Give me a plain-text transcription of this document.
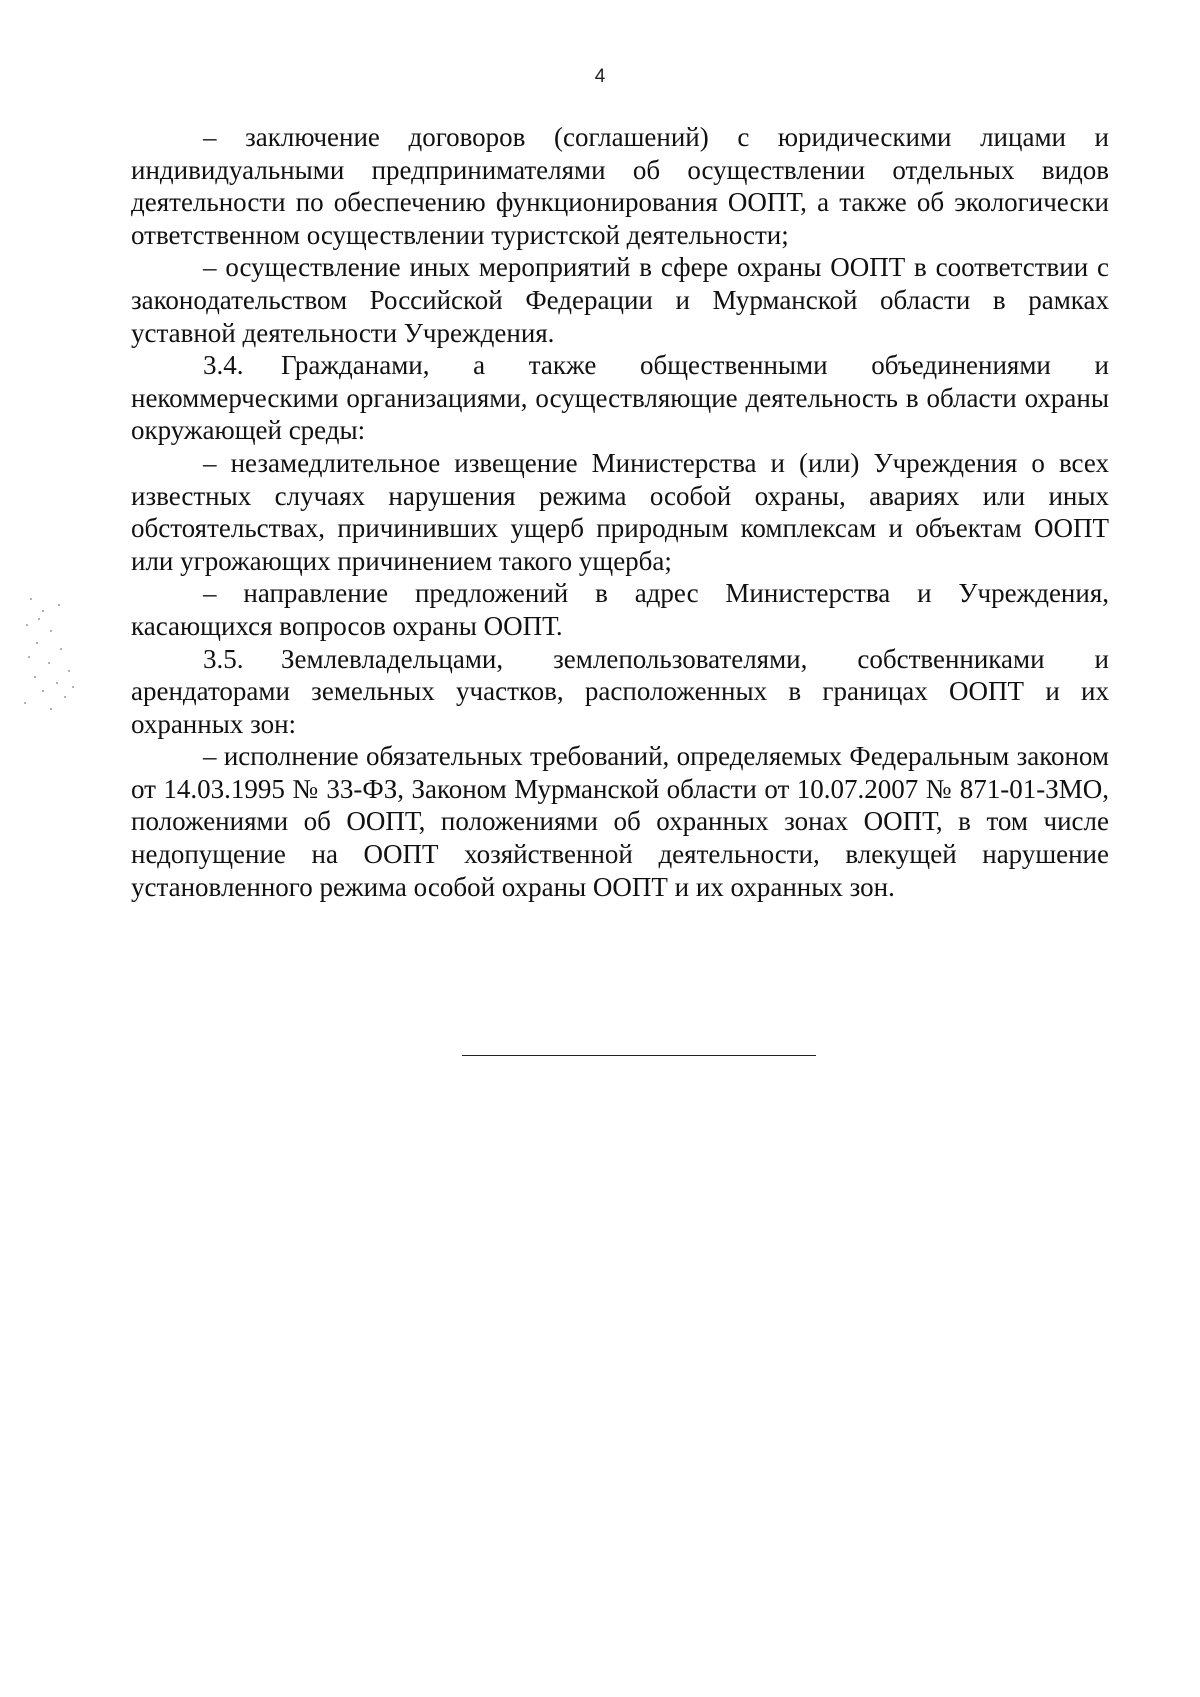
4

– заключение договоров (соглашений) с юридическими лицами и индивидуальными предпринимателями об осуществлении отдельных видов деятельности по обеспечению функционирования ООПТ, а также об экологически ответственном осуществлении туристской деятельности;

– осуществление иных мероприятий в сфере охраны ООПТ в соответствии с законодательством Российской Федерации и Мурманской области в рамках уставной деятельности Учреждения.

3.4. Гражданами, а также общественными объединениями и некоммерческими организациями, осуществляющие деятельность в области охраны окружающей среды:

– незамедлительное извещение Министерства и (или) Учреждения о всех известных случаях нарушения режима особой охраны, авариях или иных обстоятельствах, причинивших ущерб природным комплексам и объектам ООПТ или угрожающих причинением такого ущерба;

– направление предложений в адрес Министерства и Учреждения, касающихся вопросов охраны ООПТ.

3.5. Землевладельцами, землепользователями, собственниками и арендаторами земельных участков, расположенных в границах ООПТ и их охранных зон:

– исполнение обязательных требований, определяемых Федеральным законом от 14.03.1995 № 33-ФЗ, Законом Мурманской области от 10.07.2007 № 871-01-ЗМО, положениями об ООПТ, положениями об охранных зонах ООПТ, в том числе недопущение на ООПТ хозяйственной деятельности, влекущей нарушение установленного режима особой охраны ООПТ и их охранных зон.
